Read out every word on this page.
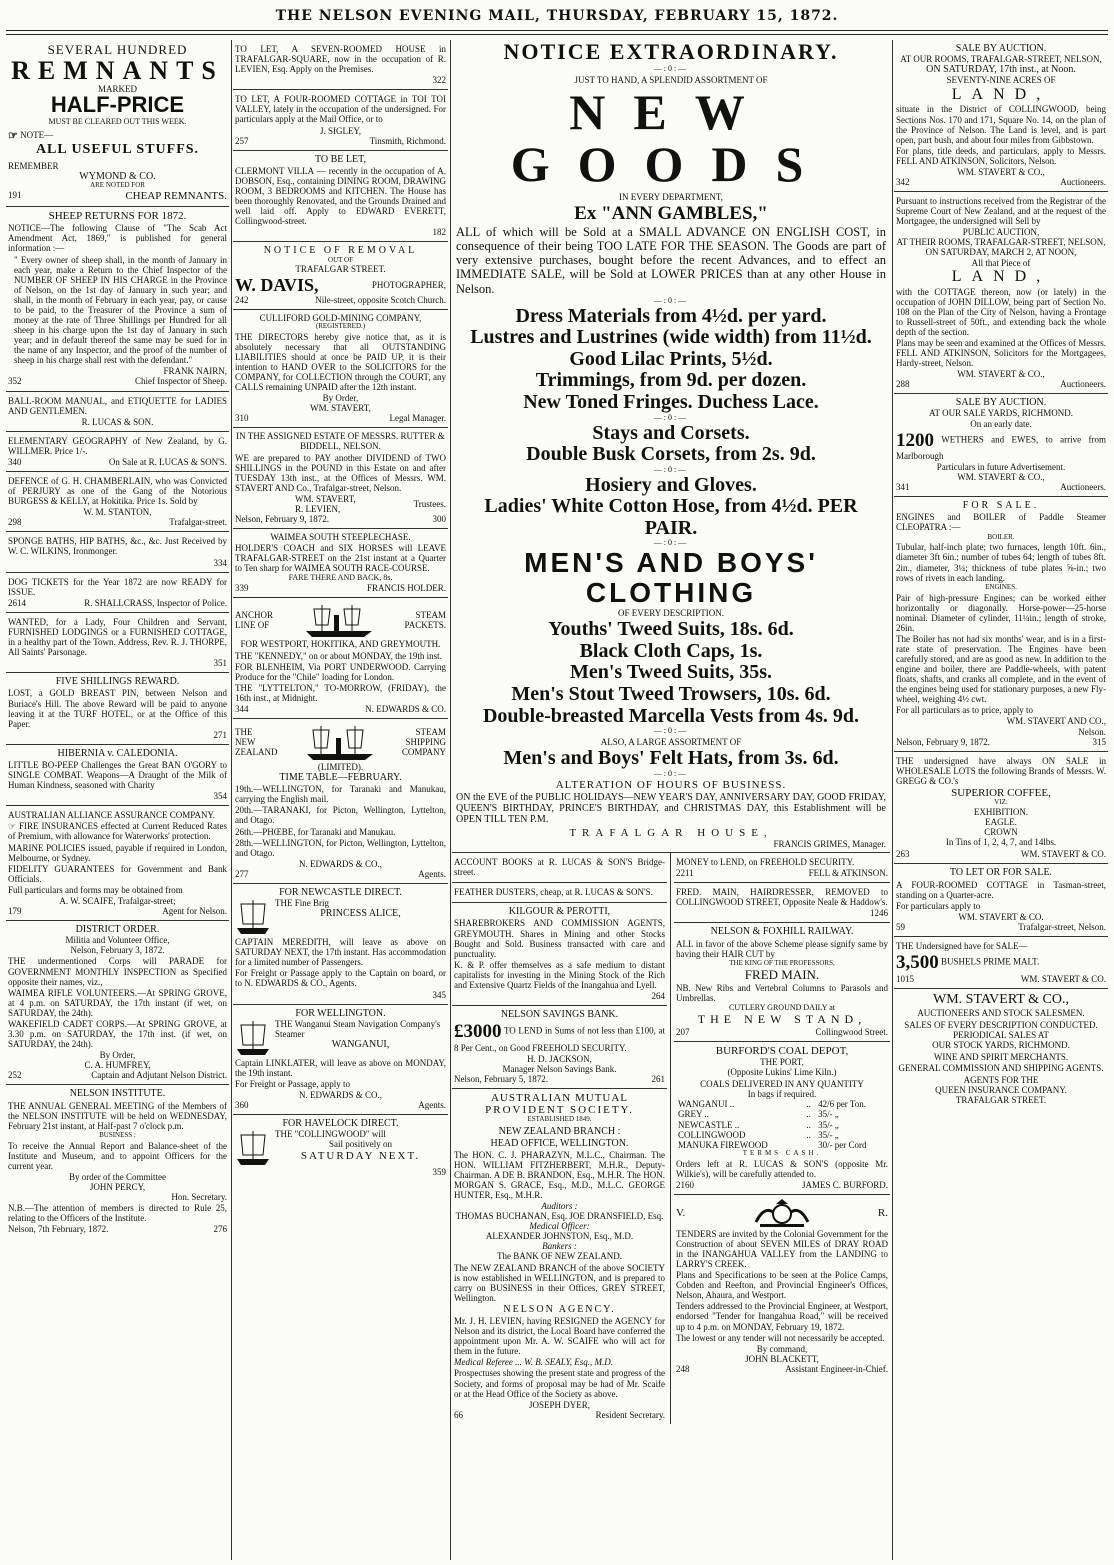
THE NELSON EVENING MAIL, THURSDAY, FEBRUARY 15, 1872.
SEVERAL HUNDRED
REMNANTS
MARKED
HALF-PRICE
MUST BE CLEARED OUT THIS WEEK.
☞ NOTE—
ALL USEFUL STUFFS.
REMEMBER
WYMOND & CO.
ARE NOTED FOR
191	CHEAP REMNANTS.
SHEEP RETURNS FOR 1872.

NOTICE—The following Clause of "The Scab Act Amendment Act, 1869," is published for general information :—

" Every owner of sheep shall, in the month of January in each year, make a Return to the Chief Inspector of the NUMBER OF SHEEP IN HIS CHARGE in the Province of Nelson, on the 1st day of January in such year; and shall, in the month of February in each year, pay, or cause to be paid, to the Treasurer of the Province a sum of money at the rate of Three Shillings per Hundred for all sheep in his charge upon the 1st day of January in such year; and in default thereof the same may be sued for in the name of any Inspector, and the proof of the number of sheep in his charge shall rest with the defendant."

FRANK NAIRN,
352	Chief Inspector of Sheep.

BALL-ROOM MANUAL, and ETIQUETTE for LADIES AND GENTLEMEN.

R. LUCAS & SON.

ELEMENTARY GEOGRAPHY of New Zealand, by G. WILLMER. Price 1/-.

340	On Sale at R. LUCAS & SON'S.

DEFENCE of G. H. CHAMBERLAIN, who was Convicted of PERJURY as one of the Gang of the Notorious BURGESS & KELLY, at Hokitika. Price 1s. Sold by

W. M. STANTON,
298	Trafalgar-street.

SPONGE BATHS, HIP BATHS, &c., &c. Just Received by W. C. WILKINS, Ironmonger.

334

DOG TICKETS for the Year 1872 are now READY for ISSUE.

2614	R. SHALLCRASS, Inspector of Police.

WANTED, for a Lady, Four Children and Servant, FURNISHED LODGINGS or a FURNISHED COTTAGE, in a healthy part of the Town. Address, Rev. R. J. THORPE, All Saints' Parsonage.

351
FIVE SHILLINGS REWARD.

LOST, a GOLD BREAST PIN, between Nelson and Buriace's Hill. The above Reward will be paid to anyone leaving it at the TURF HOTEL, or at the Office of this Paper.

271
HIBERNIA v. CALEDONIA.

LITTLE BO-PEEP Challenges the Great BAN O'GORY to SINGLE COMBAT. Weapons—A Draught of the Milk of Human Kindness, seasoned with Charity

354

AUSTRALIAN ALLIANCE ASSURANCE COMPANY.

☞ FIRE INSURANCES effected at Current Reduced Rates of Premium, with allowance for Waterworks' protection.

MARINE POLICIES issued, payable if required in London, Melbourne, or Sydney.

FIDELITY GUARANTEES for Government and Bank Officials.

Full particulars and forms may be obtained from

A. W. SCAIFE, Trafalgar-street;
179	Agent for Nelson.
DISTRICT ORDER.
Militia and Volunteer Office,
Nelson, February 3, 1872.

THE undermentioned Corps will PARADE for GOVERNMENT MONTHLY INSPECTION as Specified opposite their names, viz.,

WAIMEA RIFLE VOLUNTEERS.—At SPRING GROVE, at 4 p.m. on SATURDAY, the 17th instant (if wet, on SATURDAY, the 24th).

WAKEFIELD CADET CORPS.—At SPRING GROVE, at 3.30 p.m. on SATURDAY, the 17th inst. (if wet, on SATURDAY, the 24th).

By Order,
C. A. HUMFREY,
252	Captain and Adjutant Nelson District.
NELSON INSTITUTE.

THE ANNUAL GENERAL MEETING of the Members of the NELSON INSTITUTE will be held on WEDNESDAY, February 21st instant, at Half-past 7 o'clock p.m.

BUSINESS :

To receive the Annual Report and Balance-sheet of the Institute and Museum, and to appoint Officers for the current year.

By order of the Committee
JOHN PERCY,
Hon. Secretary.

N.B.—The attention of members is directed to Rule 25, relating to the Officers of the Institute.

Nelson, 7th February, 1872.	276

TO LET, A SEVEN-ROOMED HOUSE in TRAFALGAR-SQUARE, now in the occupation of R. LEVIEN, Esq. Apply on the Premises.

322

TO LET, A FOUR-ROOMED COTTAGE in TOI TOI VALLEY, lately in the occupation of the undersigned. For particulars apply at the Mail Office, or to

J. SIGLEY,
257	Tinsmith, Richmond.
TO BE LET,

CLERMONT VILLA — recently in the occupation of A. DOBSON, Esq., containing DINING ROOM, DRAWING ROOM, 3 BEDROOMS and KITCHEN. The House has been thoroughly Renovated, and the Grounds Drained and well laid off. Apply to EDWARD EVERETT, Collingwood-street.

182
NOTICE OF REMOVAL
OUT OF
TRAFALGAR STREET.
W. DAVIS,	PHOTOGRAPHER,
242	Nile-street, opposite Scotch Church.
CULLIFORD GOLD-MINING COMPANY,
(REGISTERED.)

THE DIRECTORS hereby give notice that, as it is absolutely necessary that all OUTSTANDING LIABILITIES should at once be PAID UP, it is their intention to HAND OVER to the SOLICITORS for the COMPANY, for COLLECTION through the COURT, any CALLS remaining UNPAID after the 12th instant.

By Order,
WM. STAVERT,
310	Legal Manager.
IN THE ASSIGNED ESTATE OF MESSRS. RUTTER & BIDDELL, NELSON.

WE are prepared to PAY another DIVIDEND of TWO SHILLINGS in the POUND in this Estate on and after TUESDAY 13th inst., at the Offices of Messrs. WM. STAVERT AND Co., Trafalgar-street, Nelson.

WM. STAVERT,
R. LEVIEN,
Trustees.
Nelson, February 9, 1872.	300
WAIMEA SOUTH STEEPLECHASE.

HOLDER'S COACH and SIX HORSES will LEAVE TRAFALGAR-STREET on the 21st instant at a Quarter to Ten sharp for WAIMEA SOUTH RACE-COURSE.

FARE THERE AND BACK, 8s.
339	FRANCIS HOLDER.
ANCHOR
LINE OF
STEAM
PACKETS.
FOR WESTPORT, HOKITIKA, AND GREYMOUTH.

THE "KENNEDY," on or about MONDAY, the 19th inst.

FOR BLENHEIM, Via PORT UNDERWOOD. Carrying Produce for the "Chile" loading for London.

THE "LYTTELTON," TO-MORROW, (FRIDAY), the 16th inst., at Midnight.

344	N. EDWARDS & CO.
THE
NEW
ZEALAND
STEAM
SHIPPING
COMPANY
(LIMITED).
TIME TABLE—FEBRUARY.

19th.—WELLINGTON, for Taranaki and Manukau, carrying the English mail.

20th.—TARANAKI, for Picton, Wellington, Lyttelton, and Otago.

26th.—PHŒBE, for Taranaki and Manukau.

28th.—WELLINGTON, for Picton, Wellington, Lyttelton, and Otago.

N. EDWARDS & CO.,
277	Agents.
FOR NEWCASTLE DIRECT.
THE Fine Brig
PRINCESS ALICE,

CAPTAIN MEREDITH, will leave as above on SATURDAY NEXT, the 17th instant. Has accommodation for a limited number of Passengers.

For Freight or Passage apply to the Captain on board, or to N. EDWARDS & CO., Agents.

345
FOR WELLINGTON.
THE Wanganui Steam Navigation Company's Steamer
WANGANUI,

Captain LINKLATER, will leave as above on MONDAY, the 19th instant.

For Freight or Passage, apply to

N. EDWARDS & CO.,
360	Agents.
FOR HAVELOCK DIRECT.
THE "COLLINGWOOD" will
Sail positively on
SATURDAY NEXT.
359
NOTICE EXTRAORDINARY.
—:0:—
JUST TO HAND, A SPLENDID ASSORTMENT OF
NEW GOODS
IN EVERY DEPARTMENT,
Ex "ANN GAMBLES,"

ALL of which will be Sold at a SMALL ADVANCE ON ENGLISH COST, in consequence of their being TOO LATE FOR THE SEASON. The Goods are part of very extensive purchases, bought before the recent Advances, and to effect an IMMEDIATE SALE, will be Sold at LOWER PRICES than at any other House in Nelson.

—:0:—
Dress Materials from 4½d. per yard.
Lustres and Lustrines (wide width) from 11½d.
Good Lilac Prints, 5½d.
Trimmings, from 9d. per dozen.
New Toned Fringes. Duchess Lace.
—:0:—
Stays and Corsets.
Double Busk Corsets, from 2s. 9d.
—:0:—
Hosiery and Gloves.
Ladies' White Cotton Hose, from 4½d. PER PAIR.
—:0:—
MEN'S AND BOYS' CLOTHING
OF EVERY DESCRIPTION.
Youths' Tweed Suits, 18s. 6d.
Black Cloth Caps, 1s.
Men's Tweed Suits, 35s.
Men's Stout Tweed Trowsers, 10s. 6d.
Double-breasted Marcella Vests from 4s. 9d.
—:0:—
ALSO, A LARGE ASSORTMENT OF
Men's and Boys' Felt Hats, from 3s. 6d.
—:0:—
ALTERATION OF HOURS OF BUSINESS.

ON the EVE of the PUBLIC HOLIDAYS—NEW YEAR'S DAY, ANNIVERSARY DAY, GOOD FRIDAY, QUEEN'S BIRTHDAY, PRINCE'S BIRTHDAY, and CHRISTMAS DAY, this Establishment will be OPEN TILL TEN P.M.

TRAFALGAR HOUSE,
FRANCIS GRIMES, Manager.

ACCOUNT BOOKS at R. LUCAS & SON'S Bridge-street.

FEATHER DUSTERS, cheap, at R. LUCAS & SON'S.

KILGOUR & PEROTTI,

SHAREBROKERS AND COMMISSION AGENTS, GREYMOUTH. Shares in Mining and other Stocks Bought and Sold. Business transacted with care and punctuality.

K. & P. offer themselves as a safe medium to distant capitalists for investing in the Mining Stock of the Rich and Extensive Quartz Fields of the Inangahua and Lyell.

264
NELSON SAVINGS BANK.

£3000 TO LEND in Sums of not less than £100, at 8 Per Cent., on Good FREEHOLD SECURITY.

H. D. JACKSON,
Manager Nelson Savings Bank.
Nelson, February 5, 1872.	261
AUSTRALIAN MUTUAL
PROVIDENT SOCIETY.
ESTABLISHED 1849.
NEW ZEALAND BRANCH :
HEAD OFFICE, WELLINGTON.

The HON. C. J. PHARAZYN, M.L.C., Chairman. The HON. WILLIAM FITZHERBERT, M.H.R., Deputy-Chairman. A DE B. BRANDON, Esq., M.H.R. The HON. MORGAN S. GRACE, Esq., M.D., M.L.C. GEORGE HUNTER, Esq., M.H.R.

Auditors :
THOMAS BUCHANAN, Esq. JOE DRANSFIELD, Esq.
Medical Officer:
ALEXANDER JOHNSTON, Esq., M.D.
Bankers :
The BANK OF NEW ZEALAND.

The NEW ZEALAND BRANCH of the above SOCIETY is now established in WELLINGTON, and is prepared to carry on BUSINESS in their Offices, GREY STREET, Wellington.

NELSON AGENCY.

Mr. J. H. LEVIEN, having RESIGNED the AGENCY for Nelson and its district, the Local Board have conferred the appointment upon Mr. A. W. SCAIFE who will act for them in the future.

Medical Referee ... W. B. SEALY, Esq., M.D.

Prospectuses showing the present state and progress of the Society, and forms of proposal may be had of Mr. Scaife or at the Head Office of the Society as above.

JOSEPH DYER,
66	Resident Secretary.

MONEY to LEND, on FREEHOLD SECURITY.

2211	FELL & ATKINSON.

FRED. MAIN, HAIRDRESSER, REMOVED to COLLINGWOOD STREET, Opposite Neale & Haddow's.

1246
NELSON & FOXHILL RAILWAY.

ALL in favor of the above Scheme please signify same by having their HAIR CUT by

THE KING OF THE PROFESSORS,
FRED MAIN.

NB. New Ribs and Vertebral Columns to Parasols and Umbrellas.

CUTLERY GROUND DAILY at
THE NEW STAND,
207	Collingwood Street.
BURFORD'S COAL DEPOT,
THE PORT,
(Opposite Lukins' Lime Kiln.)
COALS DELIVERED IN ANY QUANTITY
In bags if required.
WANGANUI ..	..	42/6 per Ton.
GREY ..	..	35/- „
NEWCASTLE ..	..	35/- „
COLLINGWOOD	..	35/- „
MANUKA FIREWOOD		30/- per Cord
TERMS CASH.

Orders left at R. LUCAS & SON'S (opposite Mr. Wilkie's), will be carefully attended to.

2160	JAMES C. BURFORD.
V.	R.

TENDERS are invited by the Colonial Government for the Construction of about SEVEN MILES of DRAY ROAD in the INANGAHUA VALLEY from the LANDING to LARRY'S CREEK.

Plans and Specifications to be seen at the Police Camps, Cobden and Reefton, and Provincial Engineer's Offices, Nelson, Ahaura, and Westport.

Tenders addressed to the Provincial Engineer, at Westport, endorsed "Tender for Inangahua Road," will be received up to 4 p.m. on MONDAY, February 19, 1872.

The lowest or any tender will not necessarily be accepted.

By command,
JOHN BLACKETT,
248	Assistant Engineer-in-Chief.
SALE BY AUCTION.
AT OUR ROOMS, TRAFALGAR-STREET, NELSON,
ON SATURDAY, 17th inst., at Noon.
SEVENTY-NINE ACRES OF
LAND,

situate in the District of COLLINGWOOD, being Sections Nos. 170 and 171, Square No. 14, on the plan of the Province of Nelson. The Land is level, and is part open, part bush, and about four miles from Gibbstown.

For plans, title deeds, and particulars, apply to Messrs. FELL AND ATKINSON, Solicitors, Nelson.

WM. STAVERT & CO.,
342	Auctioneers.

Pursuant to instructions received from the Registrar of the Supreme Court of New Zealand, and at the request of the Mortgagee, the undersigned will Sell by

PUBLIC AUCTION,
AT THEIR ROOMS, TRAFALGAR-STREET, NELSON,
ON SATURDAY, MARCH 2, AT NOON,
All that Piece of
LAND,

with the COTTAGE thereon, now (or lately) in the occupation of JOHN DILLOW, being part of Section No. 108 on the Plan of the City of Nelson, having a Frontage to Russell-street of 50ft., and extending back the whole depth of the section.

Plans may be seen and examined at the Offices of Messrs. FELL AND ATKINSON, Solicitors for the Mortgagees, Hardy-street, Nelson.

WM. STAVERT & CO.,
288	Auctioneers.
SALE BY AUCTION.
AT OUR SALE YARDS, RICHMOND.
On an early date.

1200 WETHERS and EWES, to arrive from Marlborough

Particulars in future Advertisement.
WM. STAVERT & CO.,
341	Auctioneers.
FOR SALE.

ENGINES and BOILER of Paddle Steamer CLEOPATRA :—

BOILER.

Tubular, half-inch plate; two furnaces, length 10ft. 6in., diameter 3ft 6in.; number of tubes 64; length of tubes 8ft. 2in., diameter, 3¼; thickness of tube plates ⅝-in.; two rows of rivets in each landing.

ENGINES.

Pair of high-pressure Engines; can be worked either horizontally or diagonally. Horse-power—25-horse nominal. Diameter of cylinder, 11¼in.; length of stroke, 26in.

The Boiler has not had six months' wear, and is in a first-rate state of preservation. The Engines have been carefully stored, and are as good as new. In addition to the engine and boiler, there are Paddle-wheels, with patent floats, shafts, and cranks all complete, and in the event of the engines being used for stationary purposes, a new Fly-wheel, weighing 4½ cwt.

For all particulars as to price, apply to

WM. STAVERT AND CO.,
Nelson.
Nelson, February 9, 1872.	315

THE undersigned have always ON SALE in WHOLESALE LOTS the following Brands of Messrs. W. GREGG & CO.'s

SUPERIOR COFFEE,
VIZ:
EXHIBITION.
EAGLE.
CROWN
In Tins of 1, 2, 4, 7, and 14lbs.
263	WM. STAVERT & CO.
TO LET OR FOR SALE.

A FOUR-ROOMED COTTAGE in Tasman-street, standing on a Quarter-acre.

For particulars apply to

WM. STAVERT & CO.
59	Trafalgar-street, Nelson.

THE Undersigned have for SALE—

3,500 BUSHELS PRIME MALT.

1015	WM. STAVERT & CO.
WM. STAVERT & CO.,
AUCTIONEERS AND STOCK SALESMEN.
SALES OF EVERY DESCRIPTION CONDUCTED.
PERIODICAL SALES AT
OUR STOCK YARDS, RICHMOND.
WINE AND SPIRIT MERCHANTS.
GENERAL COMMISSION AND SHIPPING AGENTS.
AGENTS FOR THE
QUEEN INSURANCE COMPANY.
TRAFALGAR STREET.
